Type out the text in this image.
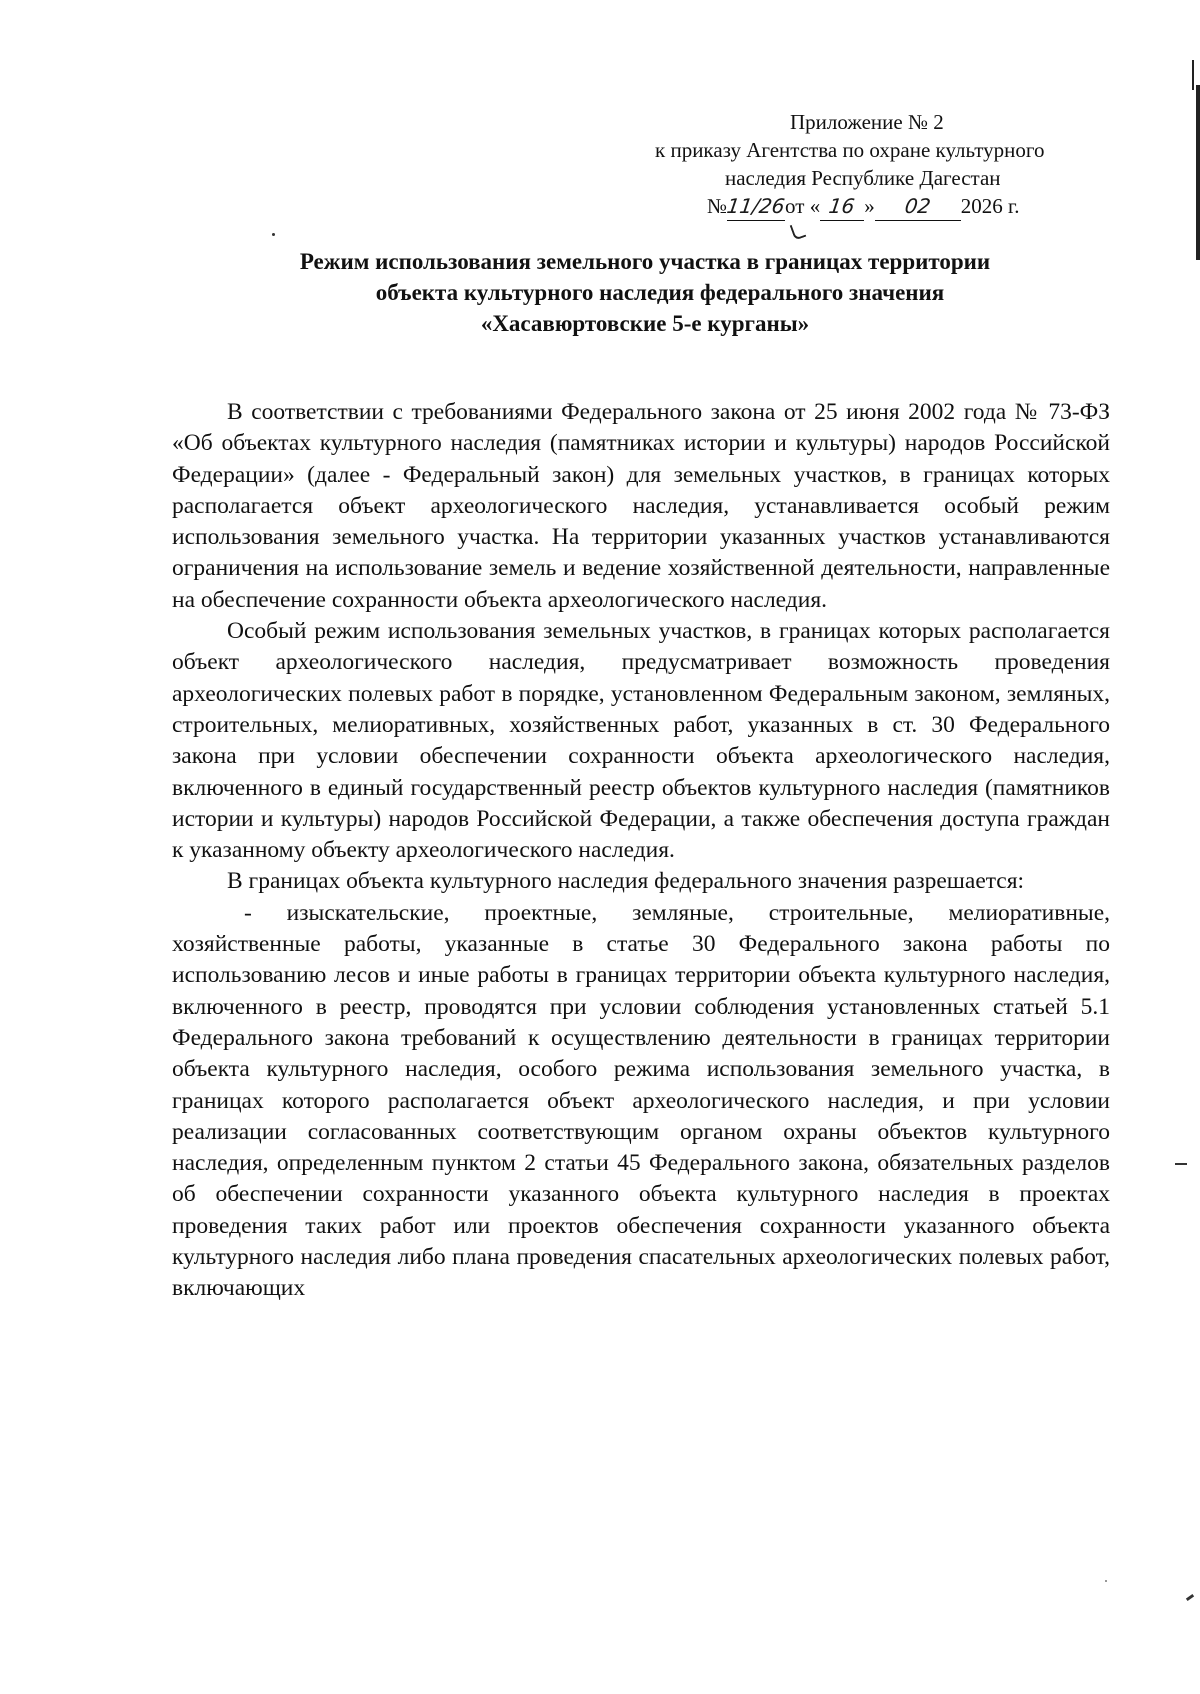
Приложение № 2
к приказу Агентства по охране культурного
наследия Республике Дагестан
№11/26от « 16 » 02 2026 г.
Режим использования земельного участка в границах территории
объекта культурного наследия федерального значения
«Хасавюртовские 5-е курганы»

В соответствии с требованиями Федерального закона от 25 июня 2002 года № 73-ФЗ «Об объектах культурного наследия (памятниках истории и культуры) народов Российской Федерации» (далее - Федеральный закон) для земельных участков, в границах которых располагается объект археологического наследия, устанавливается особый режим использования земельного участка. На территории указанных участков устанавливаются ограничения на использование земель и ведение хозяйственной деятельности, направленные на обеспечение сохранности объекта археологического наследия.

Особый режим использования земельных участков, в границах которых располагается объект археологического наследия, предусматривает возможность проведения археологических полевых работ в порядке, установленном Федеральным законом, земляных, строительных, мелиоративных, хозяйственных работ, указанных в ст. 30 Федерального закона при условии обеспечении сохранности объекта археологического наследия, включенного в единый государственный реестр объектов культурного наследия (памятников истории и культуры) народов Российской Федерации, а также обеспечения доступа граждан к указанному объекту археологического наследия.

В границах объекта культурного наследия федерального значения разрешается:

- изыскательские, проектные, земляные, строительные, мелиоративные, хозяйственные работы, указанные в статье 30 Федерального закона работы по использованию лесов и иные работы в границах территории объекта культурного наследия, включенного в реестр, проводятся при условии соблюдения установленных статьей 5.1 Федерального закона требований к осуществлению деятельности в границах территории объекта культурного наследия, особого режима использования земельного участка, в границах которого располагается объект археологического наследия, и при условии реализации согласованных соответствующим органом охраны объектов культурного наследия, определенным пунктом 2 статьи 45 Федерального закона, обязательных разделов об обеспечении сохранности указанного объекта культурного наследия в проектах проведения таких работ или проектов обеспечения сохранности указанного объекта культурного наследия либо плана проведения спасательных археологических полевых работ, включающих
